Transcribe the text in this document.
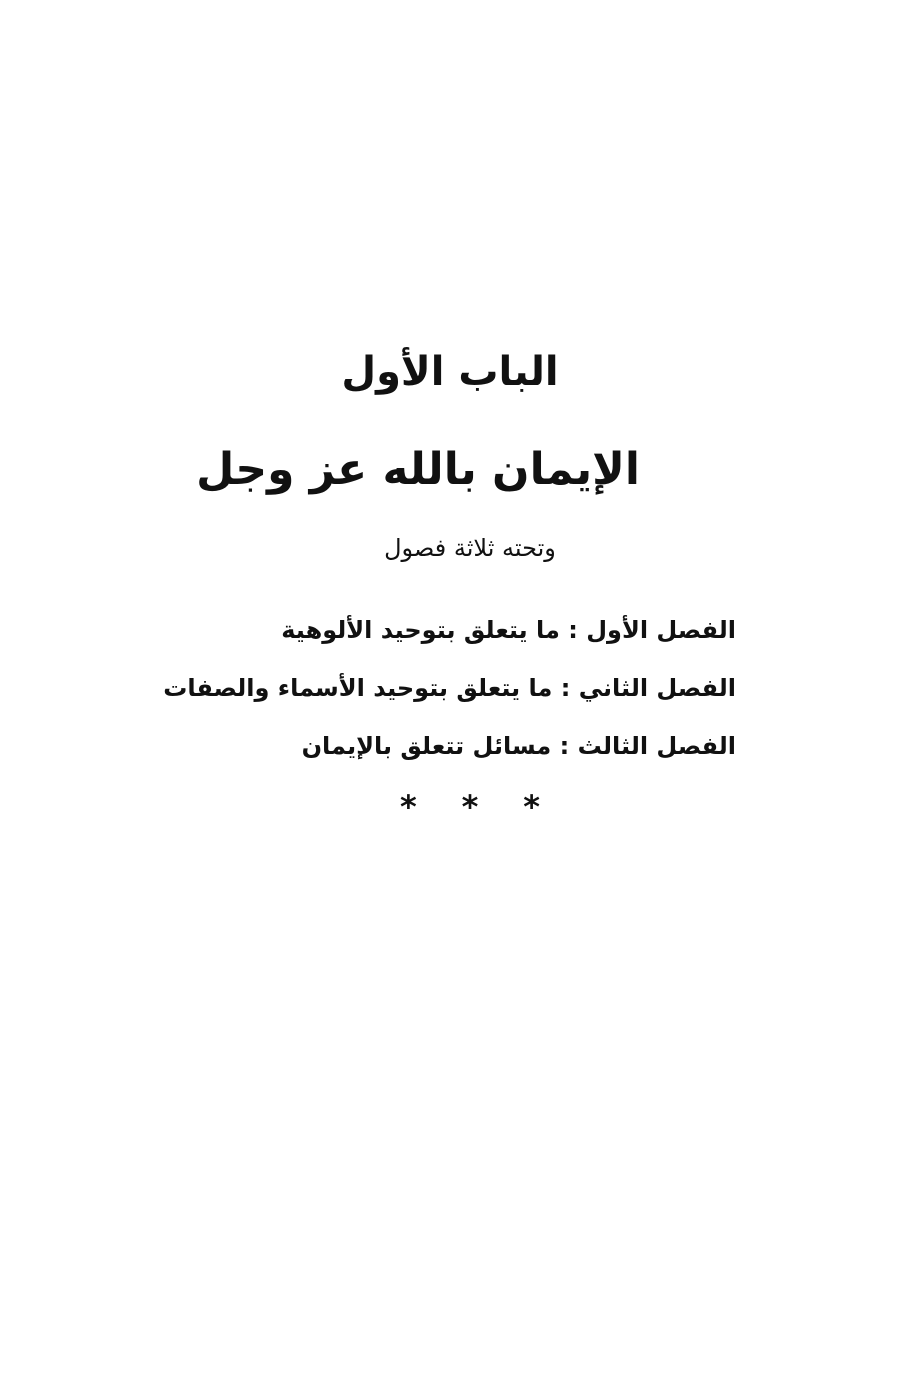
الباب الأول
الإيمان بالله عز وجل
وتحته ثلاثة فصول
الفصل الأول : ما يتعلق بتوحيد الألوهية
الفصل الثاني : ما يتعلق بتوحيد الأسماء والصفات
الفصل الثالث : مسائل تتعلق بالإيمان
* * *
